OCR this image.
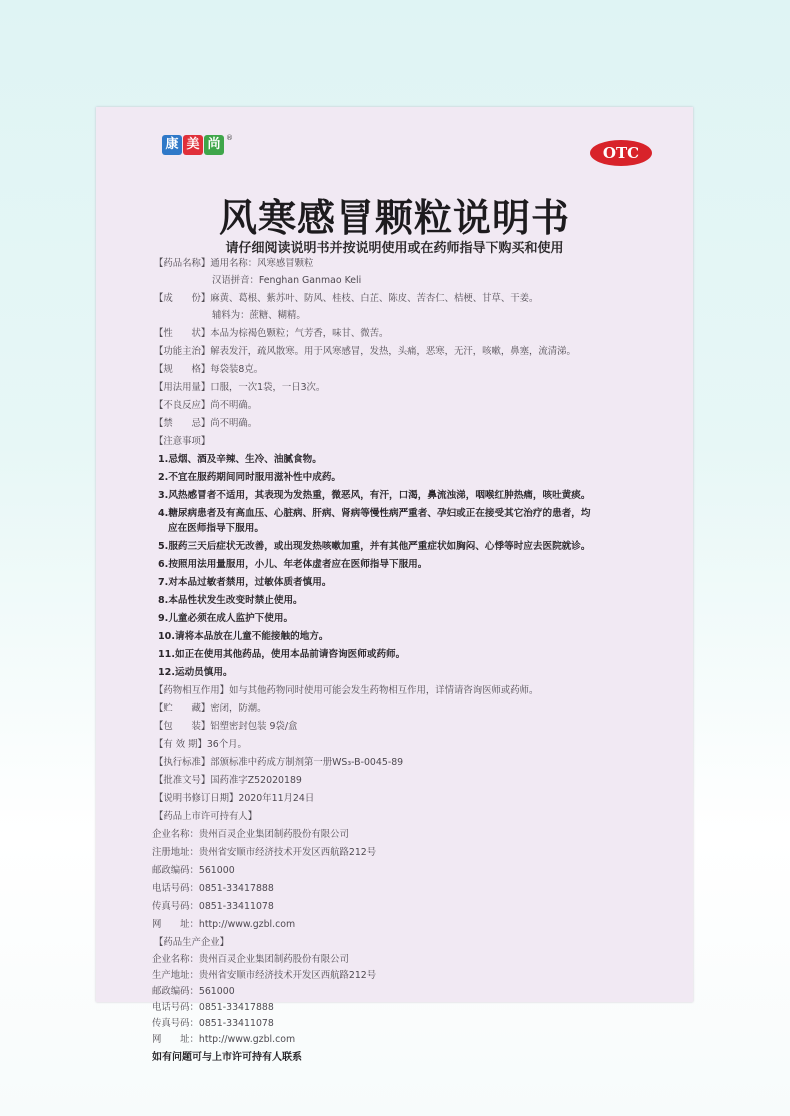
康 美 尚 ®
OTC
风寒感冒颗粒说明书
请仔细阅读说明书并按说明使用或在药师指导下购买和使用
【药品名称】通用名称：风寒感冒颗粒
汉语拼音：Fenghan Ganmao Keli
【成　　份】麻黄、葛根、紫苏叶、防风、桂枝、白芷、陈皮、苦杏仁、桔梗、甘草、干姜。
辅料为：蔗糖、糊精。
【性　　状】本品为棕褐色颗粒；气芳香，味甘、微苦。
【功能主治】解表发汗，疏风散寒。用于风寒感冒，发热，头痛，恶寒，无汗，咳嗽，鼻塞，流清涕。
【规　　格】每袋装8克。
【用法用量】口服，一次1袋，一日3次。
【不良反应】尚不明确。
【禁　　忌】尚不明确。
【注意事项】
1.忌烟、酒及辛辣、生冷、油腻食物。
2.不宜在服药期间同时服用滋补性中成药。
3.风热感冒者不适用，其表现为发热重，微恶风，有汗，口渴，鼻流浊涕，咽喉红肿热痛，咳吐黄痰。
4.糖尿病患者及有高血压、心脏病、肝病、肾病等慢性病严重者、孕妇或正在接受其它治疗的患者，均
应在医师指导下服用。
5.服药三天后症状无改善，或出现发热咳嗽加重，并有其他严重症状如胸闷、心悸等时应去医院就诊。
6.按照用法用量服用，小儿、年老体虚者应在医师指导下服用。
7.对本品过敏者禁用，过敏体质者慎用。
8.本品性状发生改变时禁止使用。
9.儿童必须在成人监护下使用。
10.请将本品放在儿童不能接触的地方。
11.如正在使用其他药品，使用本品前请咨询医师或药师。
12.运动员慎用。
【药物相互作用】如与其他药物同时使用可能会发生药物相互作用，详情请咨询医师或药师。
【贮　　藏】密闭，防潮。
【包　　装】铝塑密封包装 9袋/盒
【有 效 期】36个月。
【执行标准】部颁标准中药成方制剂第一册WS₃-B-0045-89
【批准文号】国药准字Z52020189
【说明书修订日期】2020年11月24日
【药品上市许可持有人】
企业名称：贵州百灵企业集团制药股份有限公司
注册地址：贵州省安顺市经济技术开发区西航路212号
邮政编码：561000
电话号码：0851-33417888
传真号码：0851-33411078
网　　址：http://www.gzbl.com
【药品生产企业】
企业名称：贵州百灵企业集团制药股份有限公司
生产地址：贵州省安顺市经济技术开发区西航路212号
邮政编码：561000
电话号码：0851-33417888
传真号码：0851-33411078
网　　址：http://www.gzbl.com
如有问题可与上市许可持有人联系
